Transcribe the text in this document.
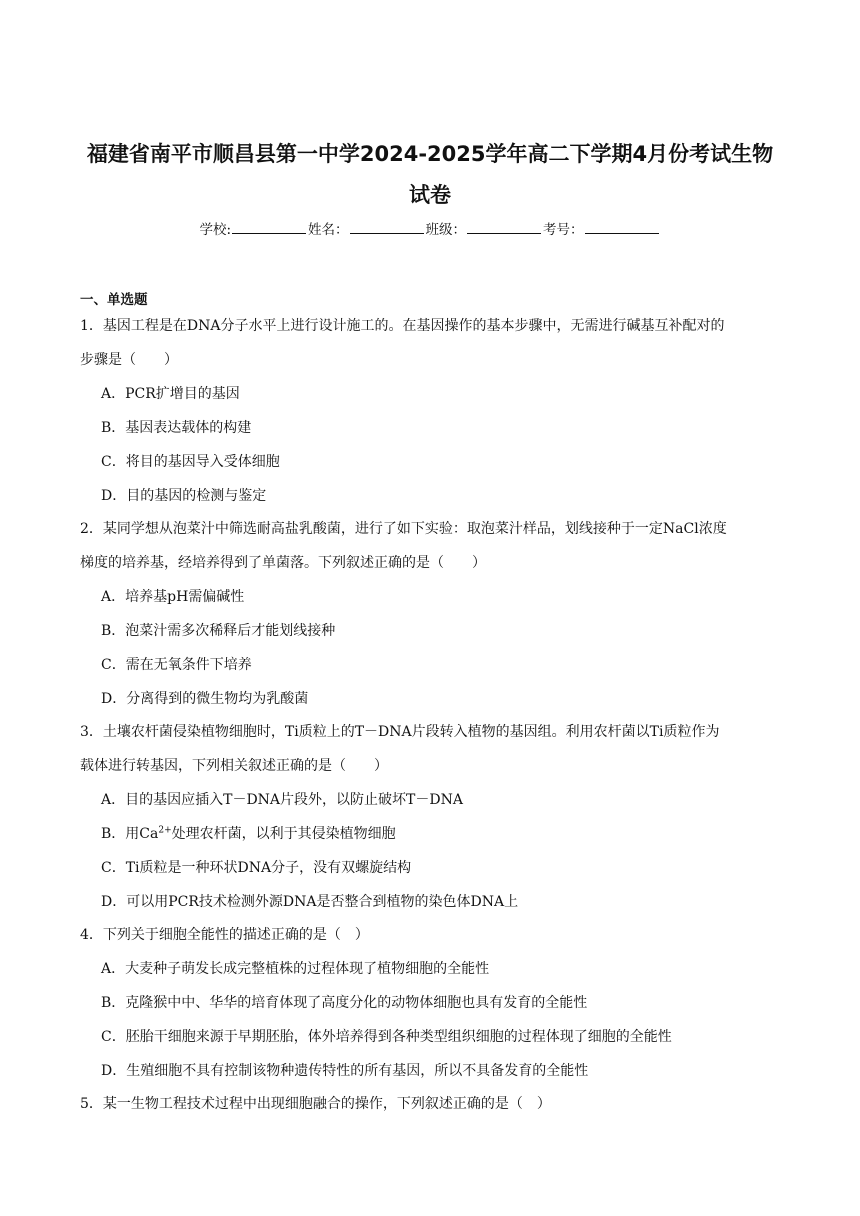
福建省南平市顺昌县第一中学2024-2025学年高二下学期4月份考试生物
试卷
学校:	姓名：	班级：	考号：
一、单选题
1．基因工程是在DNA分子水平上进行设计施工的。在基因操作的基本步骤中，无需进行碱基互补配对的
步骤是（　　）
A．PCR扩增目的基因
B．基因表达载体的构建
C．将目的基因导入受体细胞
D．目的基因的检测与鉴定
2．某同学想从泡菜汁中筛选耐高盐乳酸菌，进行了如下实验：取泡菜汁样品，划线接种于一定NaCl浓度
梯度的培养基，经培养得到了单菌落。下列叙述正确的是（　　）
A．培养基pH需偏碱性
B．泡菜汁需多次稀释后才能划线接种
C．需在无氧条件下培养
D．分离得到的微生物均为乳酸菌
3．土壤农杆菌侵染植物细胞时，Ti质粒上的T－DNA片段转入植物的基因组。利用农杆菌以Ti质粒作为
载体进行转基因，下列相关叙述正确的是（　　）
A．目的基因应插入T－DNA片段外，以防止破坏T－DNA
B．用$Ca^{2+}$处理农杆菌，以利于其侵染植物细胞
C．Ti质粒是一种环状DNA分子，没有双螺旋结构
D．可以用PCR技术检测外源DNA是否整合到植物的染色体DNA上
4．下列关于细胞全能性的描述正确的是（　）
A．大麦种子萌发长成完整植株的过程体现了植物细胞的全能性
B．克隆猴中中、华华的培育体现了高度分化的动物体细胞也具有发育的全能性
C．胚胎干细胞来源于早期胚胎，体外培养得到各种类型组织细胞的过程体现了细胞的全能性
D．生殖细胞不具有控制该物种遗传特性的所有基因，所以不具备发育的全能性
5．某一生物工程技术过程中出现细胞融合的操作，下列叙述正确的是（　）
